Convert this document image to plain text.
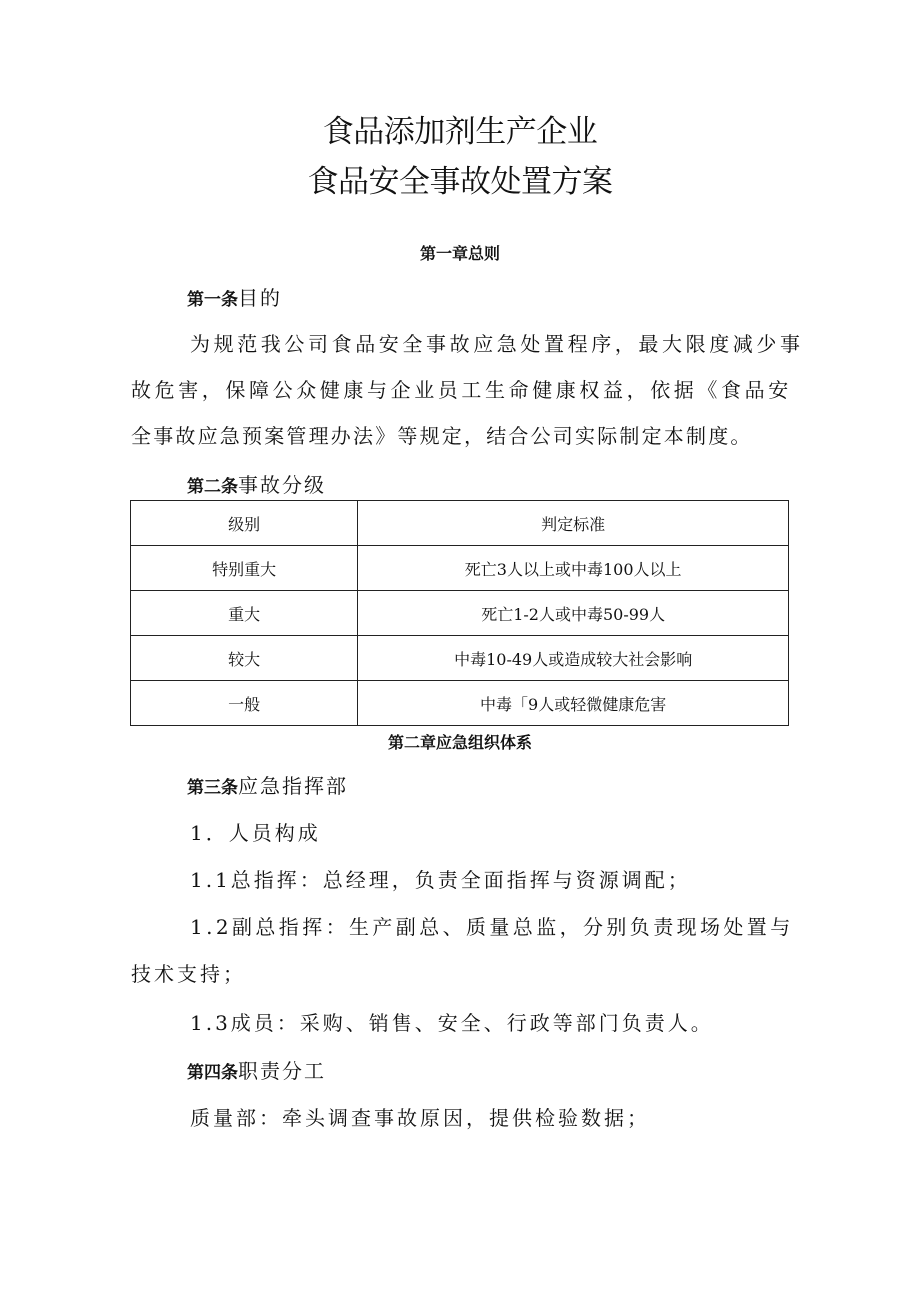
食品添加剂生产企业
食品安全事故处置方案
第一章总则
第一条目的
为规范我公司食品安全事故应急处置程序，最大限度减少事
故危害，保障公众健康与企业员工生命健康权益，依据《食品安
全事故应急预案管理办法》等规定，结合公司实际制定本制度。
第二条事故分级
级别	判定标准
特别重大	死亡3人以上或中毒100人以上
重大	死亡1-2人或中毒50-99人
较大	中毒10-49人或造成较大社会影响
一般	中毒「9人或轻微健康危害
第二章应急组织体系
第三条应急指挥部
1．人员构成
1.1总指挥：总经理，负责全面指挥与资源调配；
1.2副总指挥：生产副总、质量总监，分别负责现场处置与
技术支持；
1.3成员：采购、销售、安全、行政等部门负责人。
第四条职责分工
质量部：牵头调查事故原因，提供检验数据；
